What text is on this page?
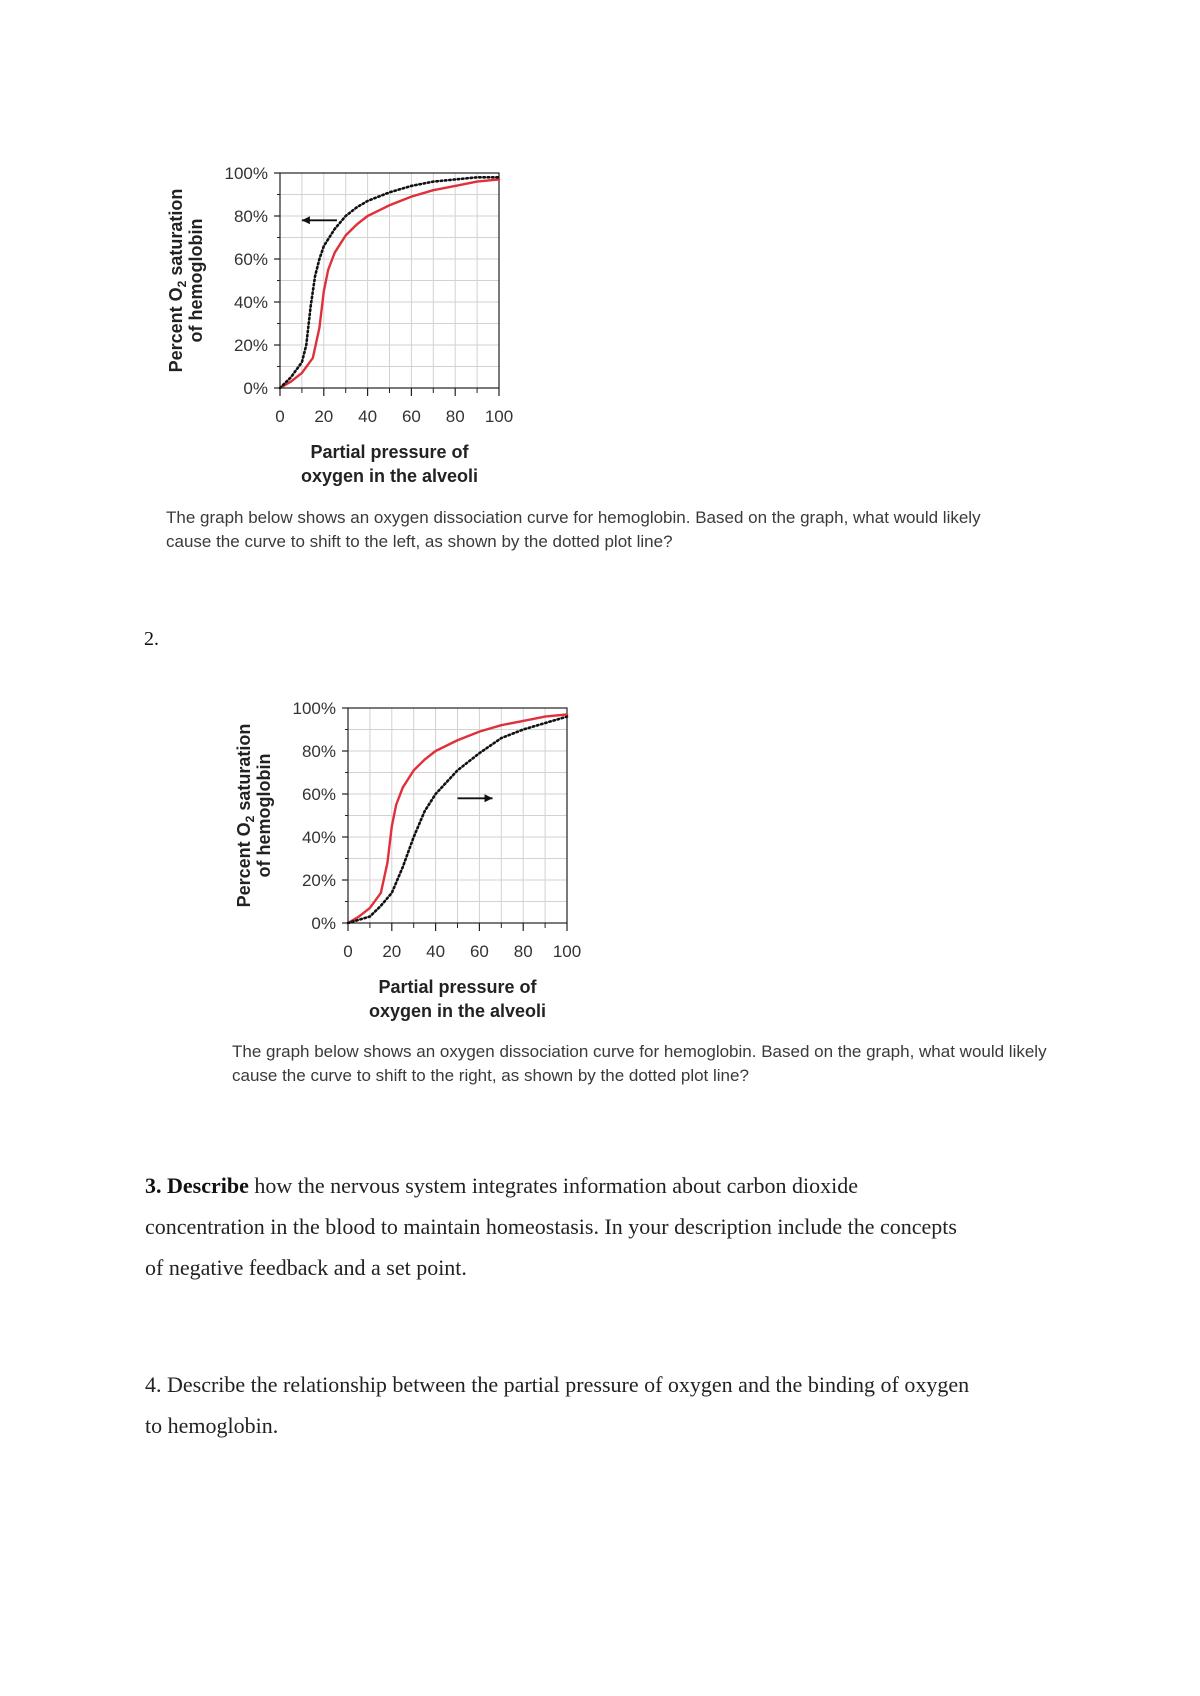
0%
20%
40%
60%
80%
100%
0 20 40 60 80 100
Partial pressure of
oxygen in the alveoli
Percent $O_2$ saturation of hemoglobin
The graph below shows an oxygen dissociation curve for hemoglobin. Based on the graph, what would likely
cause the curve to shift to the left, as shown by the dotted plot line?
2.
0%
20%
40%
60%
80%
100%
0 20 40 60 80 100
Partial pressure of
oxygen in the alveoli
Percent $O_2$ saturation of hemoglobin
The graph below shows an oxygen dissociation curve for hemoglobin. Based on the graph, what would likely
cause the curve to shift to the right, as shown by the dotted plot line?
3. Describe how the nervous system integrates information about carbon dioxide
concentration in the blood to maintain homeostasis. In your description include the concepts
of negative feedback and a set point.
4. Describe the relationship between the partial pressure of oxygen and the binding of oxygen
to hemoglobin.
